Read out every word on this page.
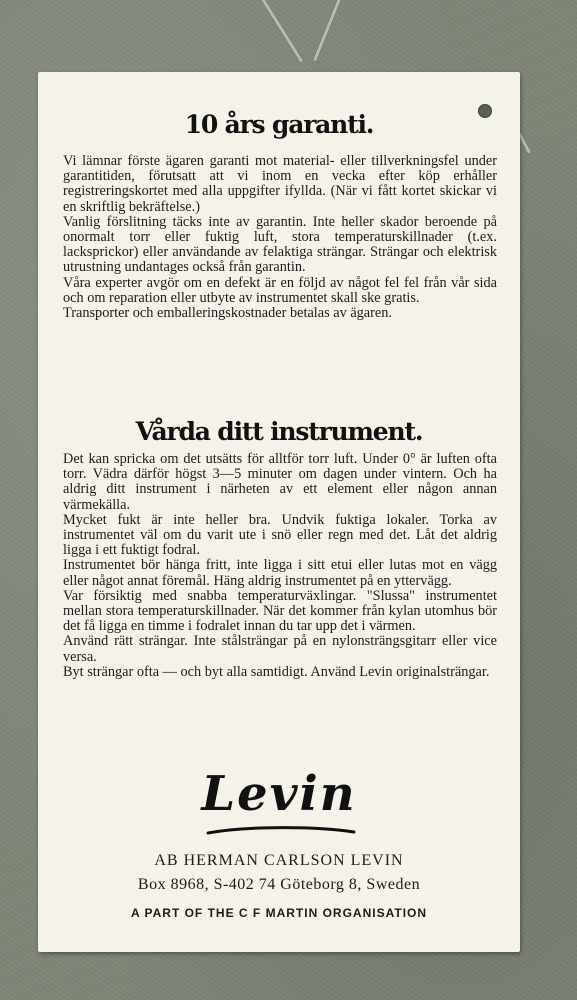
10 års garanti.

Vi lämnar förste ägaren garanti mot material- eller tillverkningsfel under garantitiden, förutsatt att vi inom en vecka efter köp erhåller registreringskortet med alla uppgifter ifyllda. (När vi fått kortet skickar vi en skriftlig bekräftelse.)

Vanlig förslitning täcks inte av garantin. Inte heller skador beroende på onormalt torr eller fuktig luft, stora temperaturskillnader (t.ex. lacksprickor) eller användande av felaktiga strängar. Strängar och elektrisk utrustning undantages också från garantin.

Våra experter avgör om en defekt är en följd av något fel fel från vår sida och om reparation eller utbyte av instrumentet skall ske gratis.

Transporter och emballeringskostnader betalas av ägaren.

Vårda ditt instrument.

Det kan spricka om det utsätts för alltför torr luft. Under 0° är luften ofta torr. Vädra därför högst 3—5 minuter om dagen under vintern. Och ha aldrig ditt instrument i närheten av ett element eller någon annan värmekälla.

Mycket fukt är inte heller bra. Undvik fuktiga lokaler. Torka av instrumentet väl om du varit ute i snö eller regn med det. Låt det aldrig ligga i ett fuktigt fodral.

Instrumentet bör hänga fritt, inte ligga i sitt etui eller lutas mot en vägg eller något annat föremål. Häng aldrig instrumentet på en yttervägg.

Var försiktig med snabba temperaturväxlingar. "Slussa" instrumentet mellan stora temperaturskillnader. När det kommer från kylan utomhus bör det få ligga en timme i fodralet innan du tar upp det i värmen.

Använd rätt strängar. Inte stålsträngar på en nylonsträngsgitarr eller vice versa.

Byt strängar ofta — och byt alla samtidigt. Använd Levin originalsträngar.

Levin
AB HERMAN CARLSON LEVIN
Box 8968, S-402 74 Göteborg 8, Sweden
A PART OF THE C F MARTIN ORGANISATION
